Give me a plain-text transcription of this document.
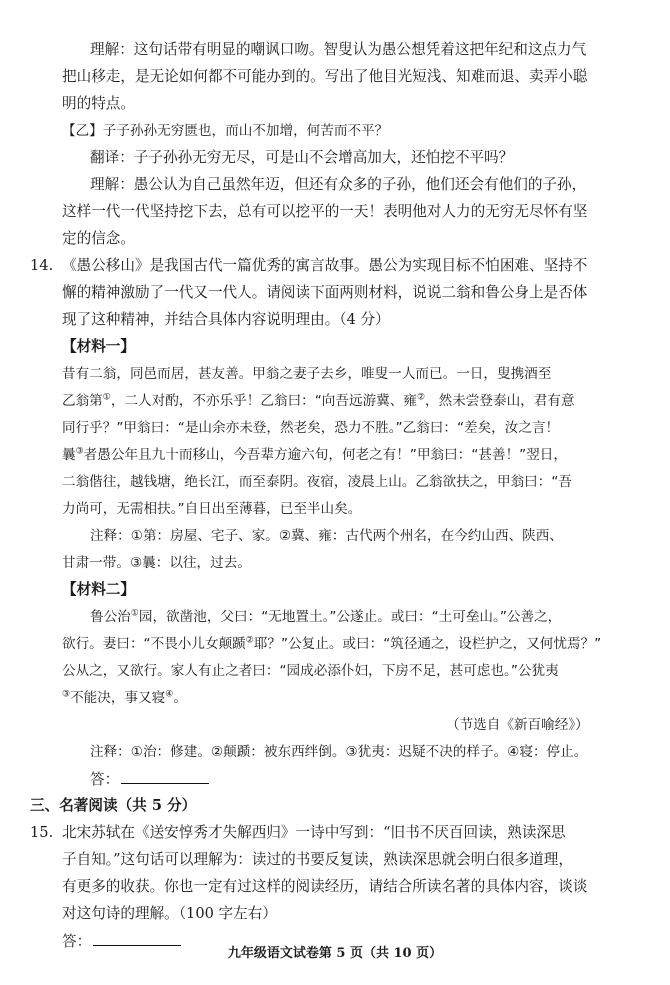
理解：这句话带有明显的嘲讽口吻。智叟认为愚公想凭着这把年纪和这点力气
把山移走，是无论如何都不可能办到的。写出了他目光短浅、知难而退、卖弄小聪
明的特点。
【乙】子子孙孙无穷匮也，而山不加增，何苦而不平？
翻译：子子孙孙无穷无尽，可是山不会增高加大，还怕挖不平吗？
理解：愚公认为自己虽然年迈，但还有众多的子孙，他们还会有他们的子孙，
这样一代一代坚持挖下去，总有可以挖平的一天！表明他对人力的无穷无尽怀有坚
定的信念。
14. 《愚公移山》是我国古代一篇优秀的寓言故事。愚公为实现目标不怕困难、坚持不
懈的精神激励了一代又一代人。请阅读下面两则材料，说说二翁和鲁公身上是否体
现了这种精神，并结合具体内容说明理由。（4 分）
【材料一】
昔有二翁，同邑而居，甚友善。甲翁之妻子去乡，唯叟一人而已。一日，叟携酒至
乙翁第①，二人对酌，不亦乐乎！乙翁曰：“向吾远游冀、雍②，然未尝登泰山，君有意
同行乎？”甲翁曰：“是山余亦未登，然老矣，恐力不胜。”乙翁曰：“差矣，汝之言！
曩③者愚公年且九十而移山，今吾辈方逾六旬，何老之有！”甲翁曰：“甚善！”翌日，
二翁偕往，越钱塘，绝长江，而至泰阴。夜宿，凌晨上山。乙翁欲扶之，甲翁曰：“吾
力尚可，无需相扶。”自日出至薄暮，已至半山矣。
注释：①第：房屋、宅子、家。②冀、雍：古代两个州名，在今约山西、陕西、
甘肃一带。③曩：以往，过去。
【材料二】
鲁公治①园，欲凿池，父曰：“无地置土。”公遂止。或曰：“土可垒山。”公善之，
欲行。妻曰：“不畏小儿女颠踬②耶？”公复止。或曰：“筑径通之，设栏护之，又何忧焉？”
公从之，又欲行。家人有止之者曰：“园成必添仆妇，下房不足，甚可虑也。”公犹夷
③不能决，事又寝④。
（节选自《新百喻经》）
注释：①治：修建。②颠踬：被东西绊倒。③犹夷：迟疑不决的样子。④寝：停止。
答：
三、名著阅读（共 5 分）
15. 北宋苏轼在《送安惇秀才失解西归》一诗中写到：“旧书不厌百回读，熟读深思
子自知。”这句话可以理解为：读过的书要反复读，熟读深思就会明白很多道理，
有更多的收获。你也一定有过这样的阅读经历，请结合所读名著的具体内容，谈谈
对这句诗的理解。（100 字左右）
答：
九年级语文试卷第 5 页（共 10 页）
